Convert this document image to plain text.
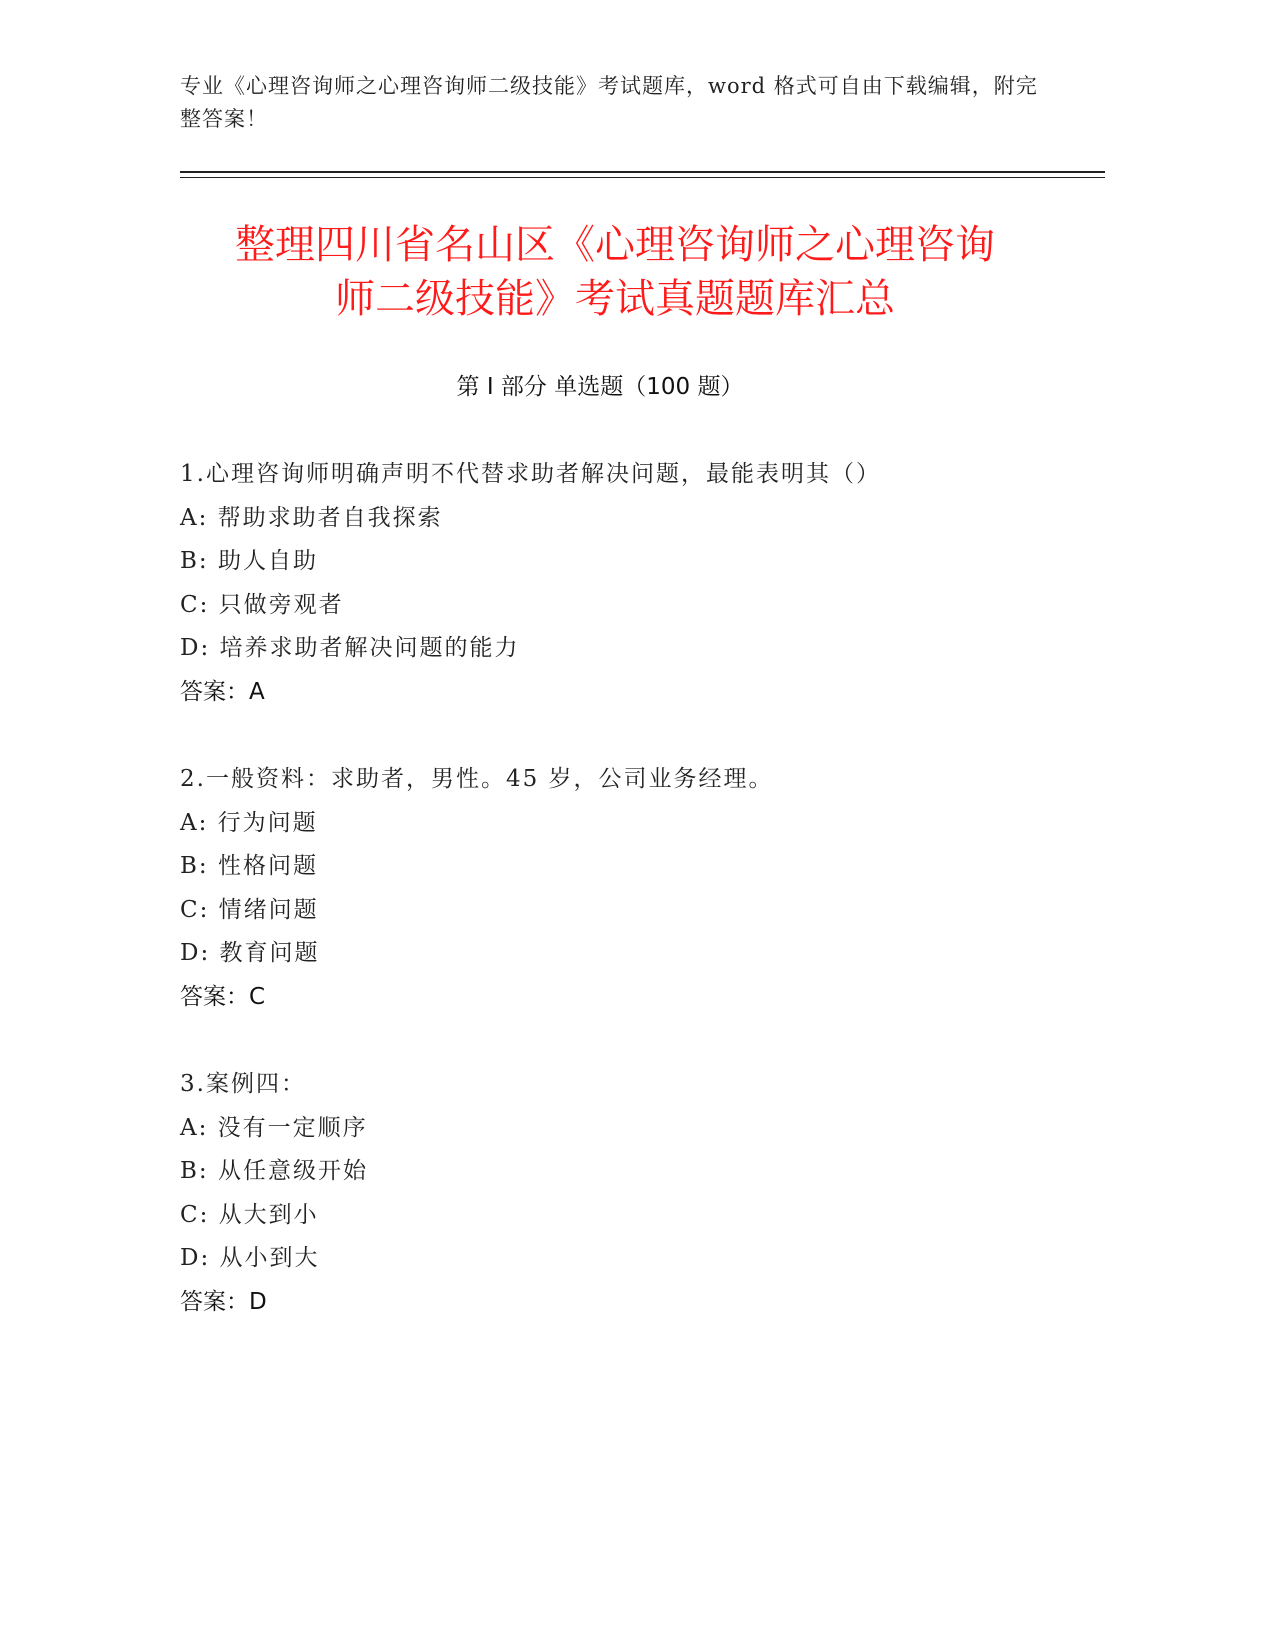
专业《心理咨询师之心理咨询师二级技能》考试题库，word 格式可自由下载编辑，附完整答案！
整理四川省名山区《心理咨询师之心理咨询
师二级技能》考试真题题库汇总
第 I 部分 单选题（100 题）
1.心理咨询师明确声明不代替求助者解决问题，最能表明其（）
A: 帮助求助者自我探索
B: 助人自助
C: 只做旁观者
D: 培养求助者解决问题的能力
答案：A
2.一般资料：求助者，男性。45 岁，公司业务经理。
A: 行为问题
B: 性格问题
C: 情绪问题
D: 教育问题
答案：C
3.案例四：
A: 没有一定顺序
B: 从任意级开始
C: 从大到小
D: 从小到大
答案：D
